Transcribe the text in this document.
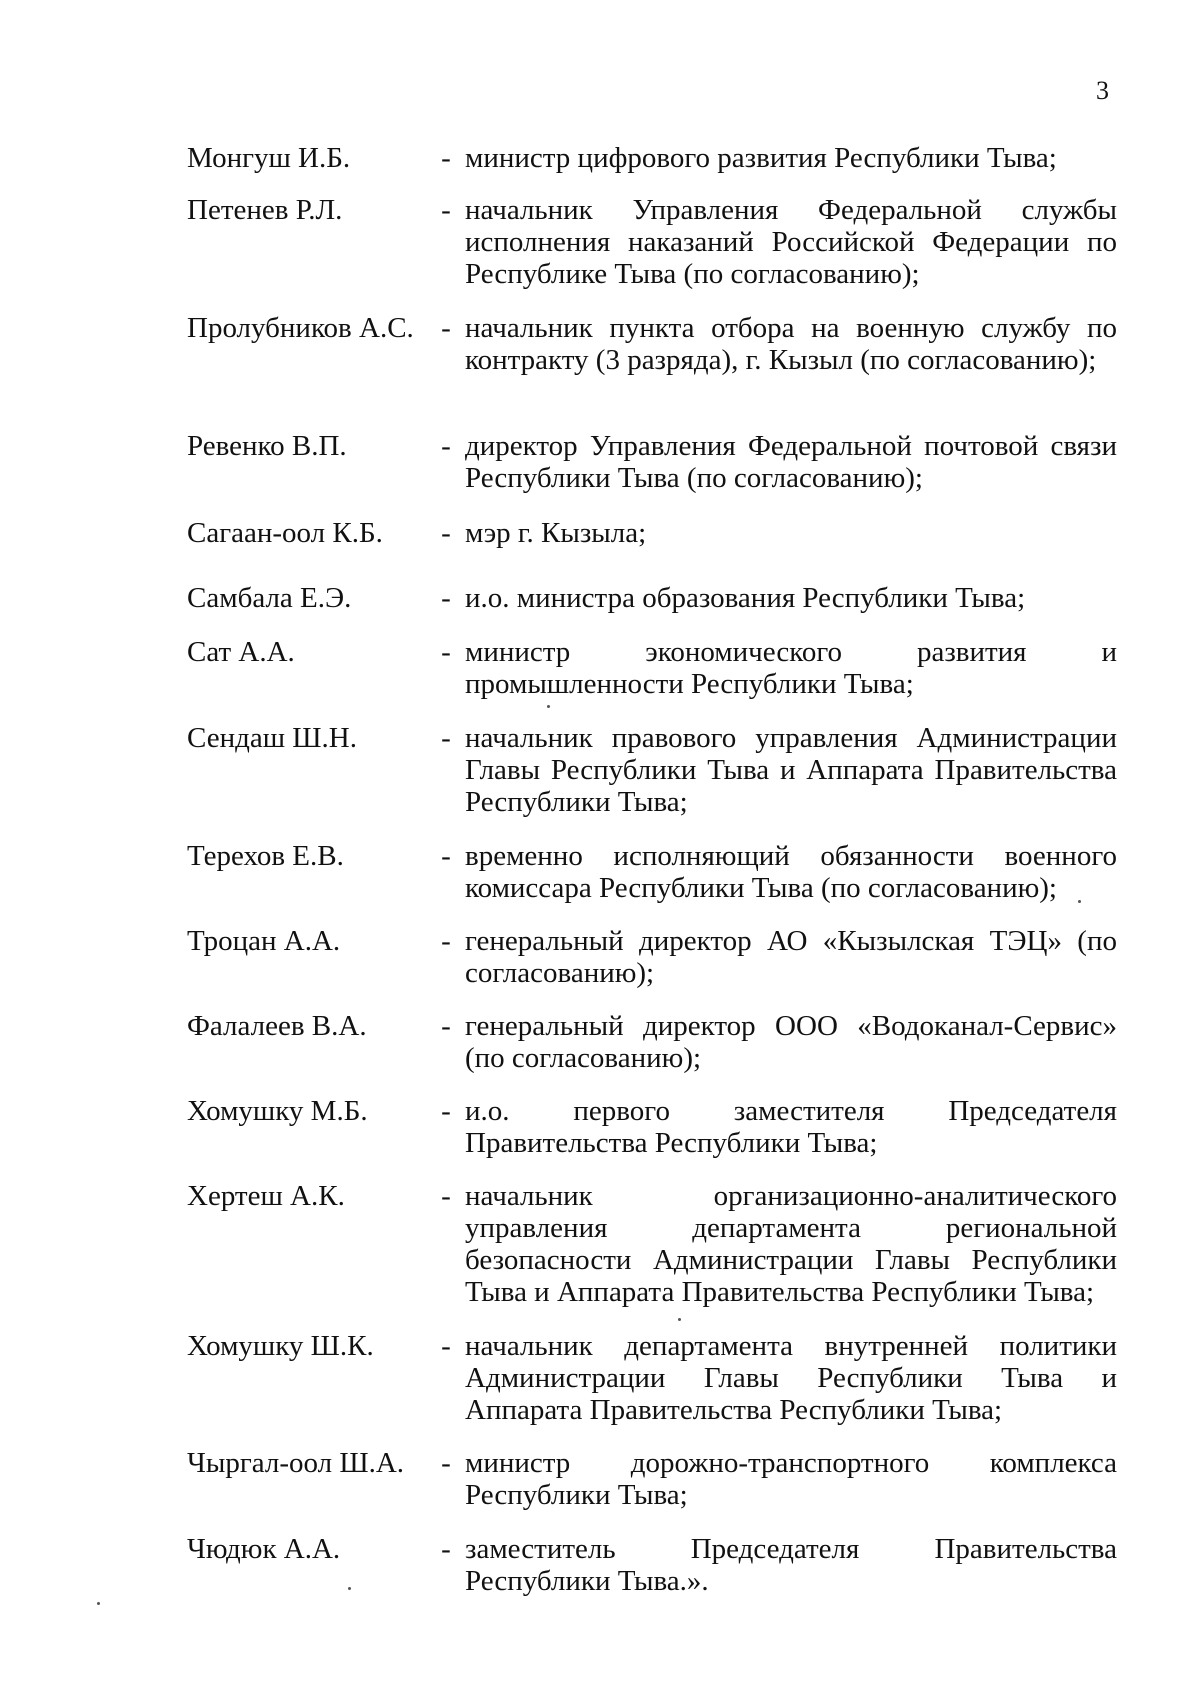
3
Монгуш И.Б.	- министр цифрового развития Республики Тыва;
Петенев Р.Л.	- начальник Управления Федеральной службы исполнения наказаний Российской Федерации по Республике Тыва (по согласованию);
Пролубников А.С. - начальник пункта отбора на военную службу по контракту (3 разряда), г. Кызыл (по согласованию);
Ревенко В.П.	- директор Управления Федеральной почтовой связи Республики Тыва (по согласованию);
Сагаан-оол К.Б.	- мэр г. Кызыла;
Самбала Е.Э.	- и.о. министра образования Республики Тыва;
Сат А.А.	- министр экономического развития и промышленности Республики Тыва;
Сендаш Ш.Н.	- начальник правового управления Администрации Главы Республики Тыва и Аппарата Правительства Республики Тыва;
Терехов Е.В.	- временно исполняющий обязанности военного комиссара Республики Тыва (по согласованию);
Троцан А.А.	- генеральный директор АО «Кызылская ТЭЦ» (по согласованию);
Фалалеев В.А.	- генеральный директор ООО «Водоканал-Сервис» (по согласованию);
Хомушку М.Б.	- и.о. первого заместителя Председателя Правительства Республики Тыва;
Хертеш А.К.	- начальник организационно-аналитического управления департамента региональной безопасности Администрации Главы Республики Тыва и Аппарата Правительства Республики Тыва;
Хомушку Ш.К.	- начальник департамента внутренней политики Администрации Главы Республики Тыва и Аппарата Правительства Республики Тыва;
Чыргал-оол Ш.А.	- министр дорожно-транспортного комплекса Республики Тыва;
Чюдюк А.А.	- заместитель Председателя Правительства Республики Тыва.».
